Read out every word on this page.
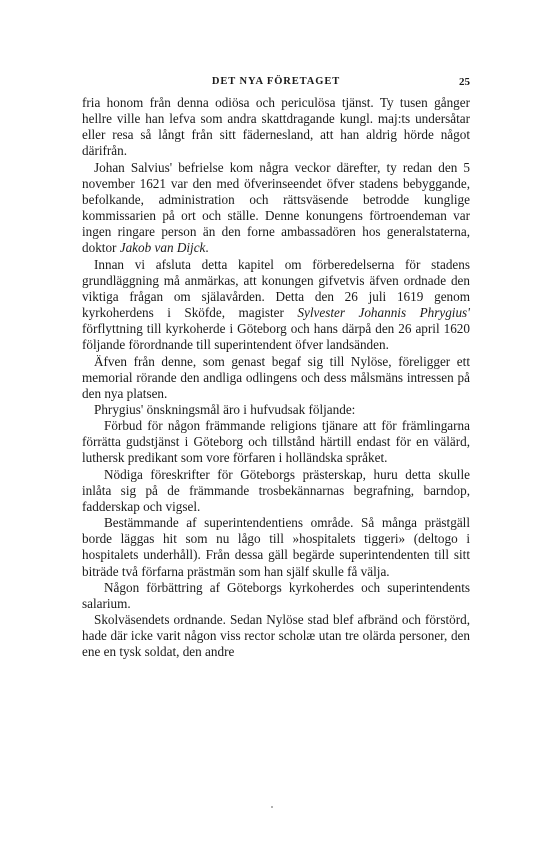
DET NYA FÖRETAGET	25

fria honom från denna odiösa och periculösa tjänst. Ty tusen gånger hellre ville han lefva som andra skattdragande kungl. maj:ts undersåtar eller resa så långt från sitt fädernesland, att han aldrig hörde något därifrån.

Johan Salvius' befrielse kom några veckor därefter, ty redan den 5 november 1621 var den med öfverinseendet öfver stadens bebyggande, befolkande, administration och rättsväsende betrodde kunglige kommissarien på ort och ställe. Denne konungens förtroendeman var ingen ringare person än den forne ambassadören hos generalstaterna, doktor Jakob van Dijck.

Innan vi afsluta detta kapitel om förberedelserna för stadens grundläggning må anmärkas, att konungen gifvetvis äfven ordnade den viktiga frågan om själavården. Detta den 26 juli 1619 genom kyrkoherdens i Sköfde, magister Sylvester Johannis Phrygius' förflyttning till kyrkoherde i Göteborg och hans därpå den 26 april 1620 följande förordnande till superintendent öfver landsänden.

Äfven från denne, som genast begaf sig till Nylöse, föreligger ett memorial rörande den andliga odlingens och dess målsmäns intressen på den nya platsen.

Phrygius' önskningsmål äro i hufvudsak följande:

Förbud för någon främmande religions tjänare att för främlingarna förrätta gudstjänst i Göteborg och tillstånd härtill endast för en välärd, luthersk predikant som vore förfaren i holländska språket.

Nödiga föreskrifter för Göteborgs prästerskap, huru detta skulle inlåta sig på de främmande trosbekännarnas begrafning, barndop, fadderskap och vigsel.

Bestämmande af superintendentiens område. Så många prästgäll borde läggas hit som nu lågo till »hospitalets tiggeri» (deltogo i hospitalets underhåll). Från dessa gäll begärde superintendenten till sitt biträde två förfarna prästmän som han själf skulle få välja.

Någon förbättring af Göteborgs kyrkoherdes och superintendents salarium.

Skolväsendets ordnande. Sedan Nylöse stad blef afbränd och förstörd, hade där icke varit någon viss rector scholæ utan tre olärda personer, den ene en tysk soldat, den andre
